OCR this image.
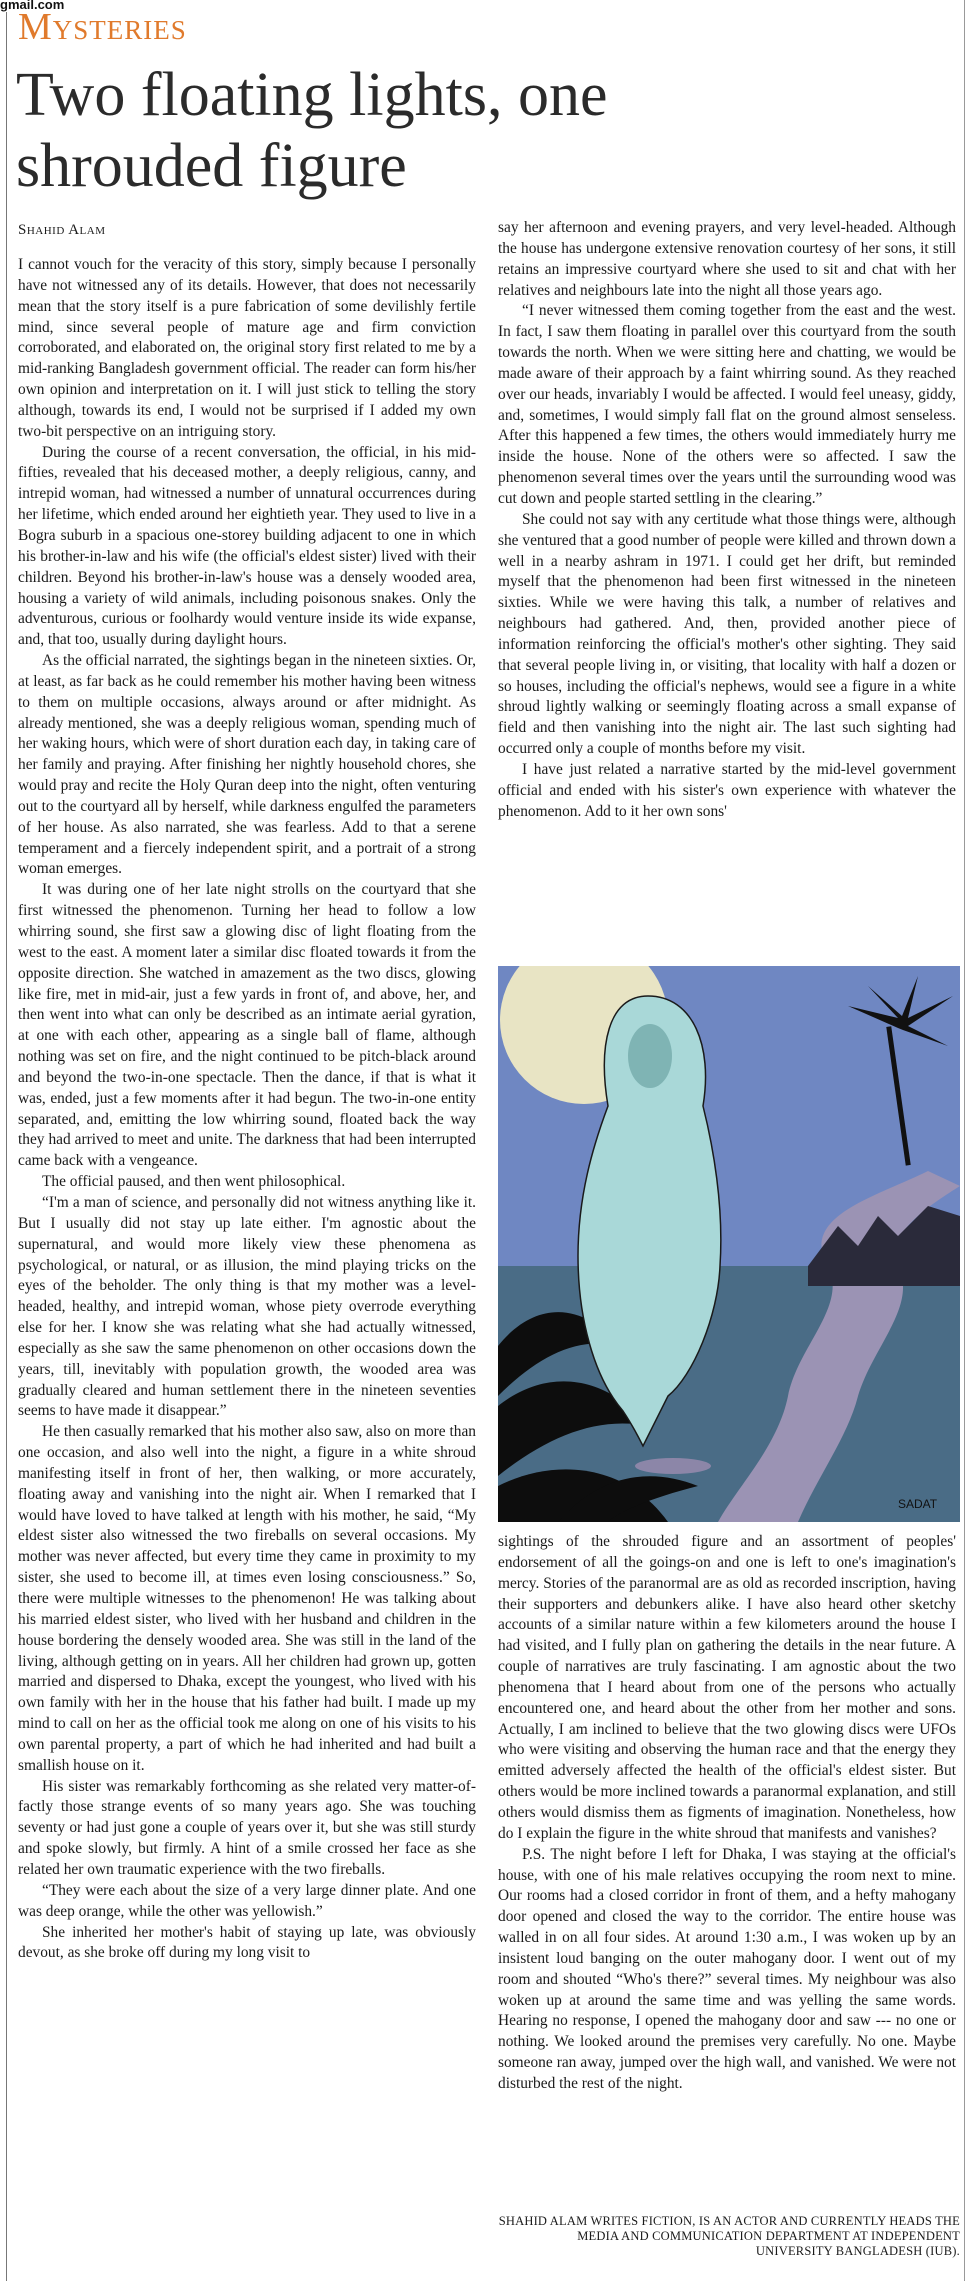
gmail.com
Mysteries
Two floating lights, one shrouded figure
Shahid Alam

I cannot vouch for the veracity of this story, simply because I personally have not witnessed any of its details. However, that does not necessarily mean that the story itself is a pure fabrication of some devilishly fertile mind, since several people of mature age and firm conviction corroborated, and elaborated on, the original story first related to me by a mid-ranking Bangladesh government official. The reader can form his/her own opinion and interpretation on it. I will just stick to telling the story although, towards its end, I would not be surprised if I added my own two-bit perspective on an intriguing story.

During the course of a recent conversation, the official, in his mid-fifties, revealed that his deceased mother, a deeply religious, canny, and intrepid woman, had witnessed a number of unnatural occurrences during her lifetime, which ended around her eightieth year. They used to live in a Bogra suburb in a spacious one-storey building adjacent to one in which his brother-in-law and his wife (the official's eldest sister) lived with their children. Beyond his brother-in-law's house was a densely wooded area, housing a variety of wild animals, including poisonous snakes. Only the adventurous, curious or foolhardy would venture inside its wide expanse, and, that too, usually during daylight hours.

As the official narrated, the sightings began in the nineteen sixties. Or, at least, as far back as he could remember his mother having been witness to them on multiple occasions, always around or after midnight. As already mentioned, she was a deeply religious woman, spending much of her waking hours, which were of short duration each day, in taking care of her family and praying. After finishing her nightly household chores, she would pray and recite the Holy Quran deep into the night, often venturing out to the courtyard all by herself, while darkness engulfed the parameters of her house. As also narrated, she was fearless. Add to that a serene temperament and a fiercely independent spirit, and a portrait of a strong woman emerges.

It was during one of her late night strolls on the courtyard that she first witnessed the phenomenon. Turning her head to follow a low whirring sound, she first saw a glowing disc of light floating from the west to the east. A moment later a similar disc floated towards it from the opposite direction. She watched in amazement as the two discs, glowing like fire, met in mid-air, just a few yards in front of, and above, her, and then went into what can only be described as an intimate aerial gyration, at one with each other, appearing as a single ball of flame, although nothing was set on fire, and the night continued to be pitch-black around and beyond the two-in-one spectacle. Then the dance, if that is what it was, ended, just a few moments after it had begun. The two-in-one entity separated, and, emitting the low whirring sound, floated back the way they had arrived to meet and unite. The darkness that had been interrupted came back with a vengeance.

The official paused, and then went philosophical.

“I'm a man of science, and personally did not witness anything like it. But I usually did not stay up late either. I'm agnostic about the supernatural, and would more likely view these phenomena as psychological, or natural, or as illusion, the mind playing tricks on the eyes of the beholder. The only thing is that my mother was a level-headed, healthy, and intrepid woman, whose piety overrode everything else for her. I know she was relating what she had actually witnessed, especially as she saw the same phenomenon on other occasions down the years, till, inevitably with population growth, the wooded area was gradually cleared and human settlement there in the nineteen seventies seems to have made it disappear.”

He then casually remarked that his mother also saw, also on more than one occasion, and also well into the night, a figure in a white shroud manifesting itself in front of her, then walking, or more accurately, floating away and vanishing into the night air. When I remarked that I would have loved to have talked at length with his mother, he said, “My eldest sister also witnessed the two fireballs on several occasions. My mother was never affected, but every time they came in proximity to my sister, she used to become ill, at times even losing consciousness.” So, there were multiple witnesses to the phenomenon! He was talking about his married eldest sister, who lived with her husband and children in the house bordering the densely wooded area. She was still in the land of the living, although getting on in years. All her children had grown up, gotten married and dispersed to Dhaka, except the youngest, who lived with his own family with her in the house that his father had built. I made up my mind to call on her as the official took me along on one of his visits to his own parental property, a part of which he had inherited and had built a smallish house on it.

His sister was remarkably forthcoming as she related very matter-of-factly those strange events of so many years ago. She was touching seventy or had just gone a couple of years over it, but she was still sturdy and spoke slowly, but firmly. A hint of a smile crossed her face as she related her own traumatic experience with the two fireballs.

“They were each about the size of a very large dinner plate. And one was deep orange, while the other was yellowish.”

She inherited her mother's habit of staying up late, was obviously devout, as she broke off during my long visit to

say her afternoon and evening prayers, and very level-headed. Although the house has undergone extensive renovation courtesy of her sons, it still retains an impressive courtyard where she used to sit and chat with her relatives and neighbours late into the night all those years ago.

“I never witnessed them coming together from the east and the west. In fact, I saw them floating in parallel over this courtyard from the south towards the north. When we were sitting here and chatting, we would be made aware of their approach by a faint whirring sound. As they reached over our heads, invariably I would be affected. I would feel uneasy, giddy, and, sometimes, I would simply fall flat on the ground almost senseless. After this happened a few times, the others would immediately hurry me inside the house. None of the others were so affected. I saw the phenomenon several times over the years until the surrounding wood was cut down and people started settling in the clearing.”

She could not say with any certitude what those things were, although she ventured that a good number of people were killed and thrown down a well in a nearby ashram in 1971. I could get her drift, but reminded myself that the phenomenon had been first witnessed in the nineteen sixties. While we were having this talk, a number of relatives and neighbours had gathered. And, then, provided another piece of information reinforcing the official's mother's other sighting. They said that several people living in, or visiting, that locality with half a dozen or so houses, including the official's nephews, would see a figure in a white shroud lightly walking or seemingly floating across a small expanse of field and then vanishing into the night air. The last such sighting had occurred only a couple of months before my visit.

I have just related a narrative started by the mid-level government official and ended with his sister's own experience with whatever the phenomenon. Add to it her own sons'

SADAT

sightings of the shrouded figure and an assortment of peoples' endorsement of all the goings-on and one is left to one's imagination's mercy. Stories of the paranormal are as old as recorded inscription, having their supporters and debunkers alike. I have also heard other sketchy accounts of a similar nature within a few kilometers around the house I had visited, and I fully plan on gathering the details in the near future. A couple of narratives are truly fascinating. I am agnostic about the two phenomena that I heard about from one of the persons who actually encountered one, and heard about the other from her mother and sons. Actually, I am inclined to believe that the two glowing discs were UFOs who were visiting and observing the human race and that the energy they emitted adversely affected the health of the official's eldest sister. But others would be more inclined towards a paranormal explanation, and still others would dismiss them as figments of imagination. Nonetheless, how do I explain the figure in the white shroud that manifests and vanishes?

P.S. The night before I left for Dhaka, I was staying at the official's house, with one of his male relatives occupying the room next to mine. Our rooms had a closed corridor in front of them, and a hefty mahogany door opened and closed the way to the corridor. The entire house was walled in on all four sides. At around 1:30 a.m., I was woken up by an insistent loud banging on the outer mahogany door. I went out of my room and shouted “Who's there?” several times. My neighbour was also woken up at around the same time and was yelling the same words. Hearing no response, I opened the mahogany door and saw --- no one or nothing. We looked around the premises very carefully. No one. Maybe someone ran away, jumped over the high wall, and vanished. We were not disturbed the rest of the night.

SHAHID ALAM WRITES FICTION, IS AN ACTOR AND CURRENTLY HEADS THE MEDIA AND COMMUNICATION DEPARTMENT AT INDEPENDENT UNIVERSITY BANGLADESH (IUB).
